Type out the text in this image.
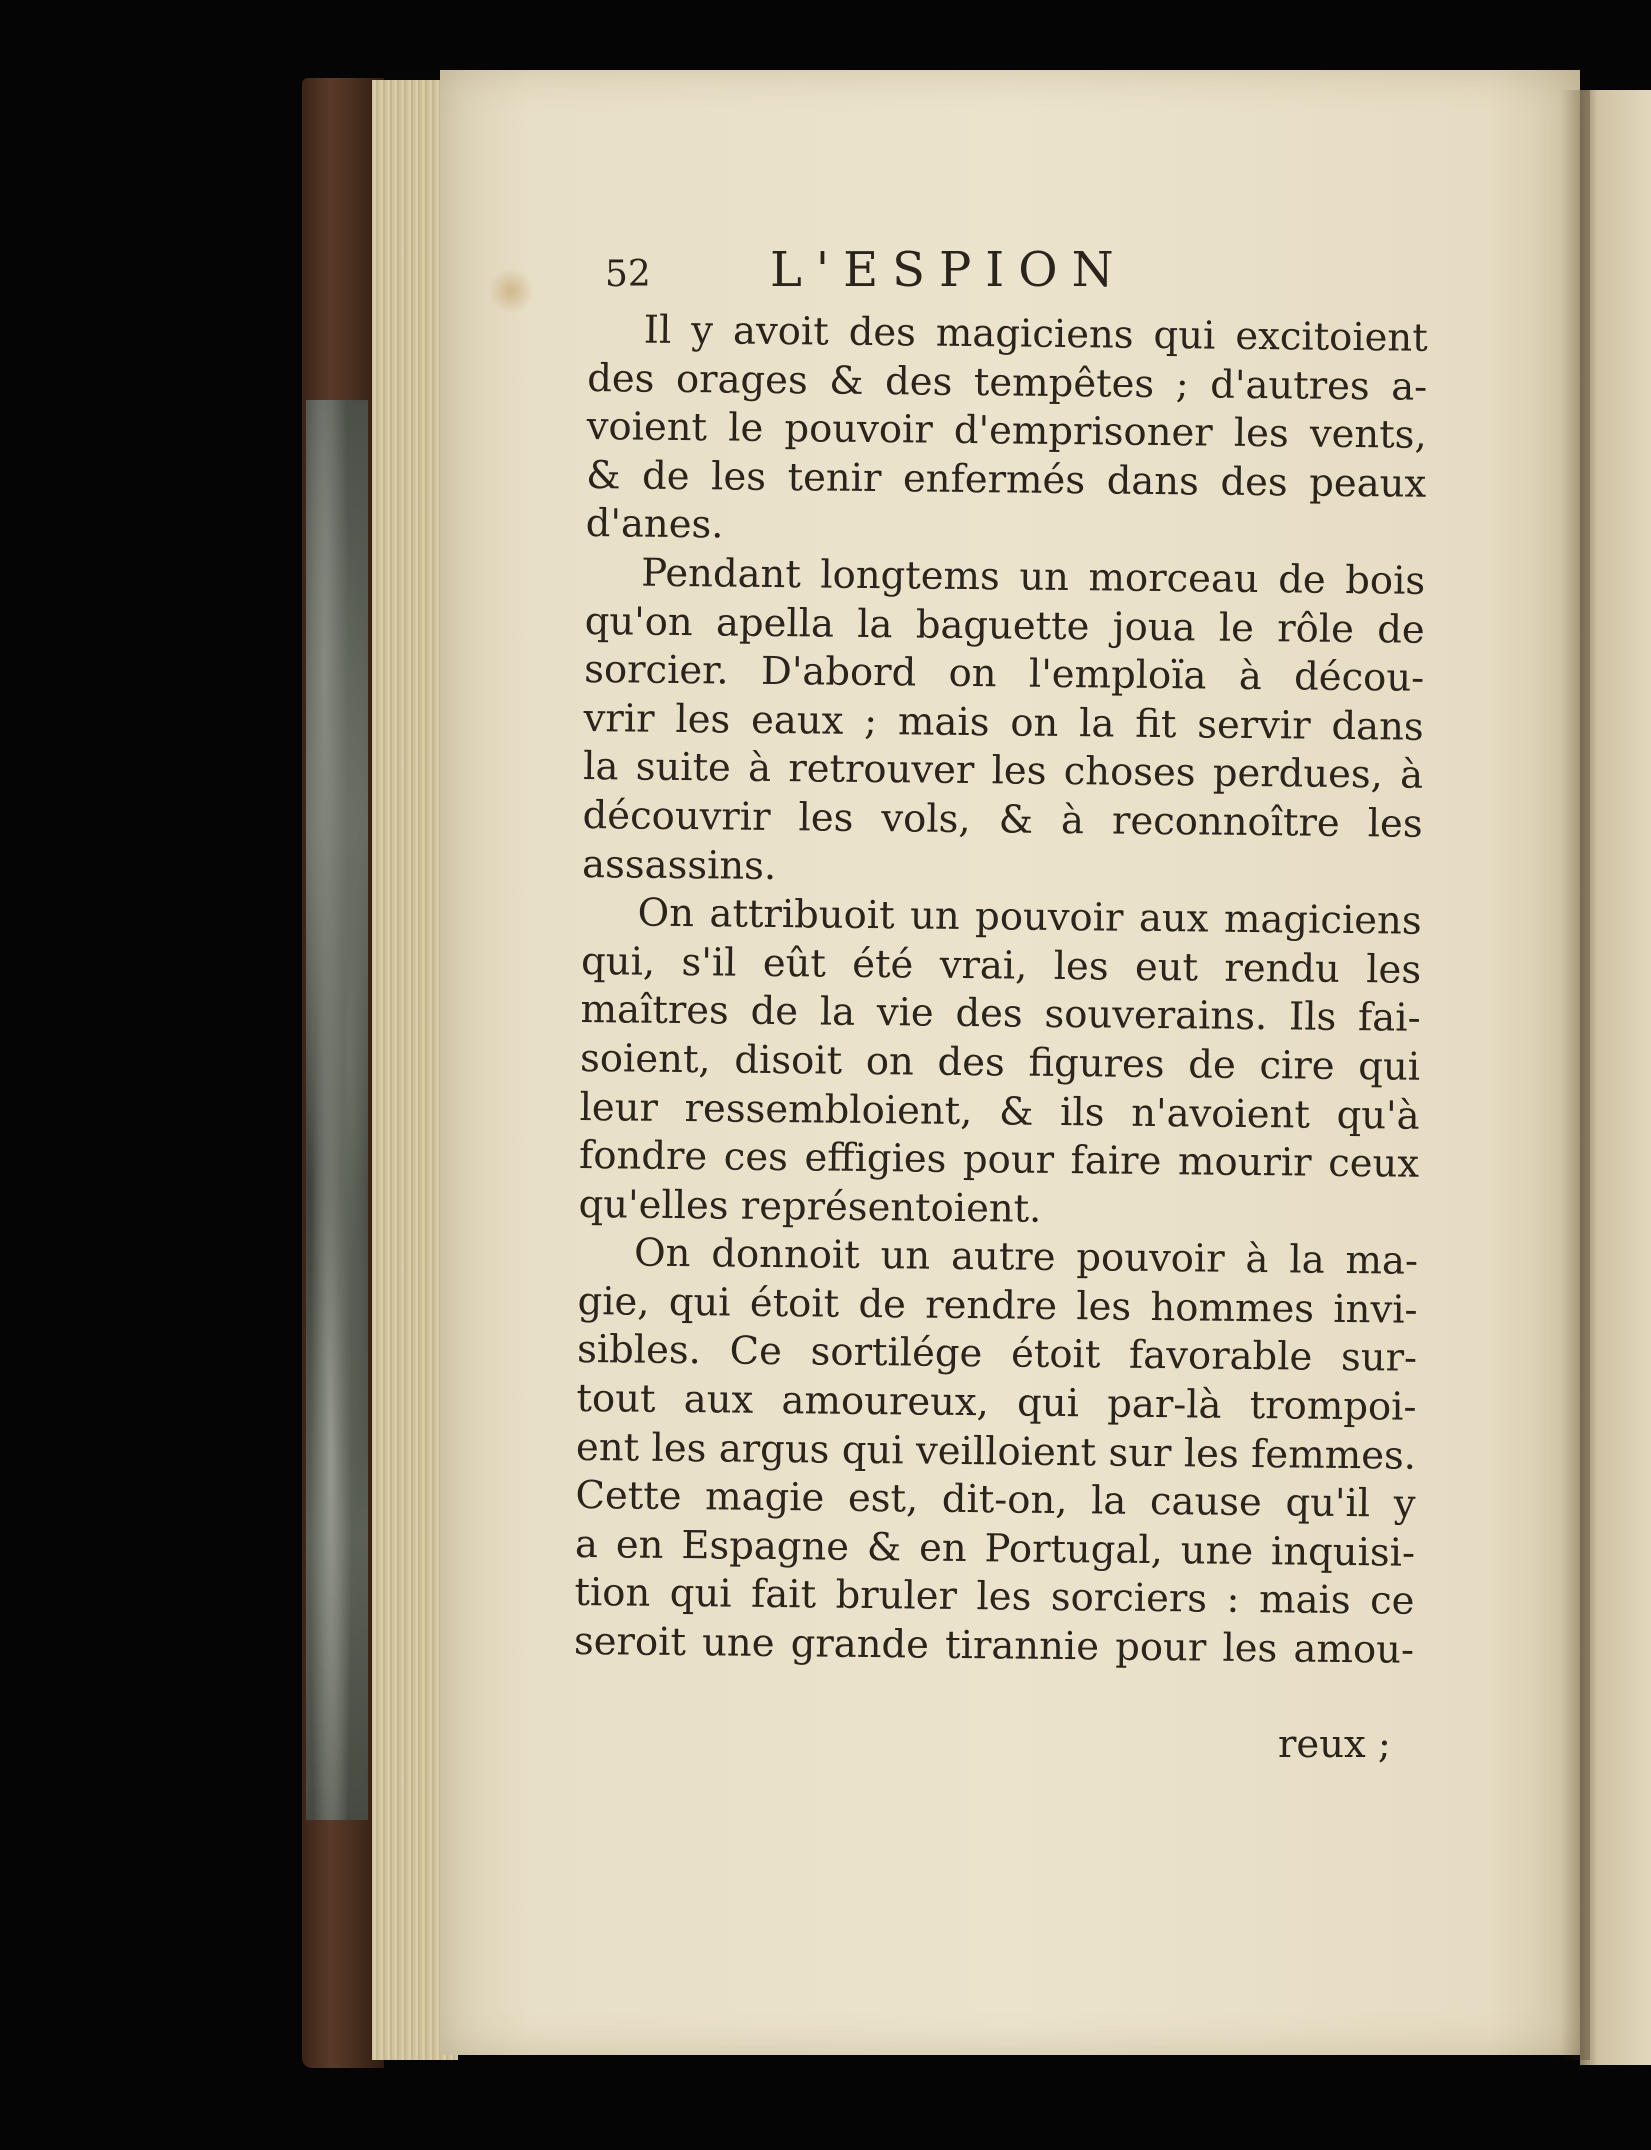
52 L'ESPION
Il y avoit des magiciens qui excitoient
des orages & des tempêtes ; d'autres a-
voient le pouvoir d'emprisoner les vents,
& de les tenir enfermés dans des peaux
d'anes.
Pendant longtems un morceau de bois
qu'on apella la baguette joua le rôle de
sorcier. D'abord on l'emploïa à décou-
vrir les eaux ; mais on la fit servir dans
la suite à retrouver les choses perdues, à
découvrir les vols, & à reconnoître les
assassins.
On attribuoit un pouvoir aux magiciens
qui, s'il eût été vrai, les eut rendu les
maîtres de la vie des souverains. Ils fai-
soient, disoit on des figures de cire qui
leur ressembloient, & ils n'avoient qu'à
fondre ces effigies pour faire mourir ceux
qu'elles représentoient.
On donnoit un autre pouvoir à la ma-
gie, qui étoit de rendre les hommes invi-
sibles. Ce sortilége étoit favorable sur-
tout aux amoureux, qui par-là trompoi-
ent les argus qui veilloient sur les femmes.
Cette magie est, dit-on, la cause qu'il y
a en Espagne & en Portugal, une inquisi-
tion qui fait bruler les sorciers : mais ce
seroit une grande tirannie pour les amou-
reux ;
